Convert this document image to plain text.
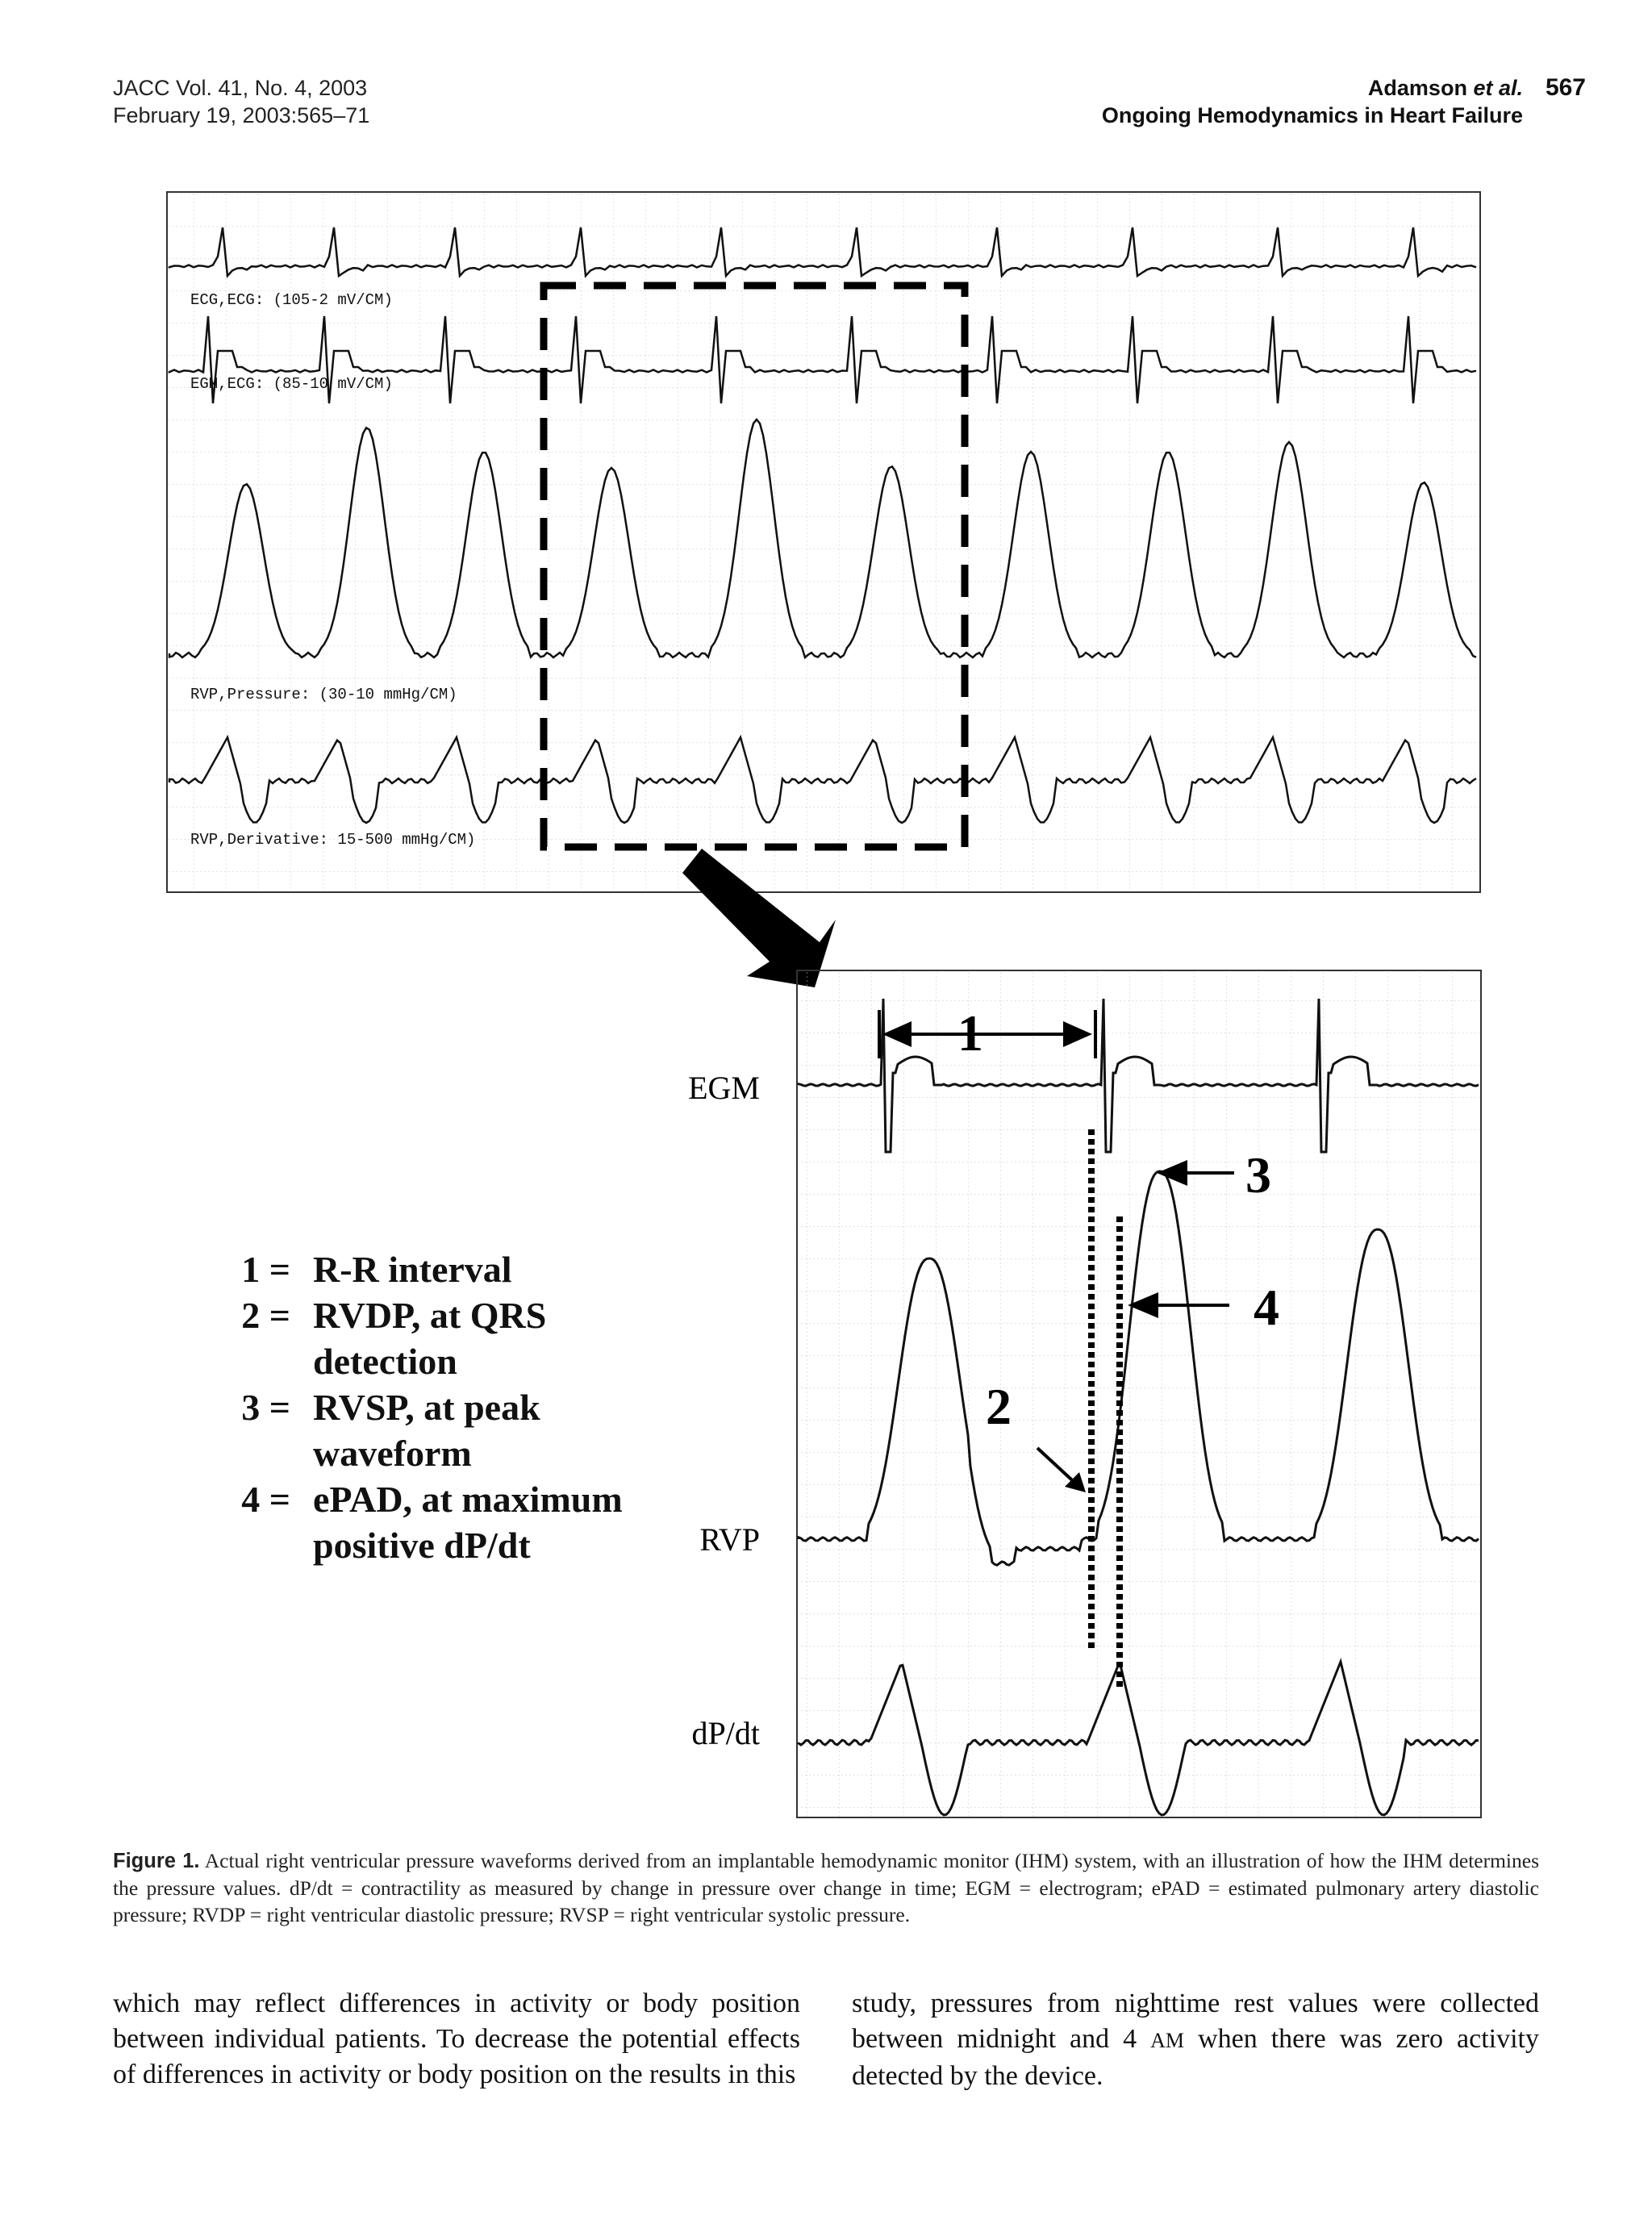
JACC Vol. 41, No. 4, 2003
February 19, 2003:565–71
Adamson et al.
Ongoing Hemodynamics in Heart Failure
567
ECG,ECG: (105-2 mV/CM)
EGM,ECG: (85-10 mV/CM)
RVP,Pressure: (30-10 mmHg/CM)
RVP,Derivative: 15-500 mmHg/CM)
1
2
3
4
EGM
RVP
dP/dt
1 = R-R interval
2 = RVDP, at QRS detection
3 = RVSP, at peak waveform
4 = ePAD, at maximum positive dP/dt
Figure 1. Actual right ventricular pressure waveforms derived from an implantable hemodynamic monitor (IHM) system, with an illustration of how the IHM determines the pressure values. dP/dt = contractility as measured by change in pressure over change in time; EGM = electrogram; ePAD = estimated pulmonary artery diastolic pressure; RVDP = right ventricular diastolic pressure; RVSP = right ventricular systolic pressure.
which may reflect differences in activity or body position between individual patients. To decrease the potential effects of differences in activity or body position on the results in this
study, pressures from nighttime rest values were collected between midnight and 4 AM when there was zero activity detected by the device.
